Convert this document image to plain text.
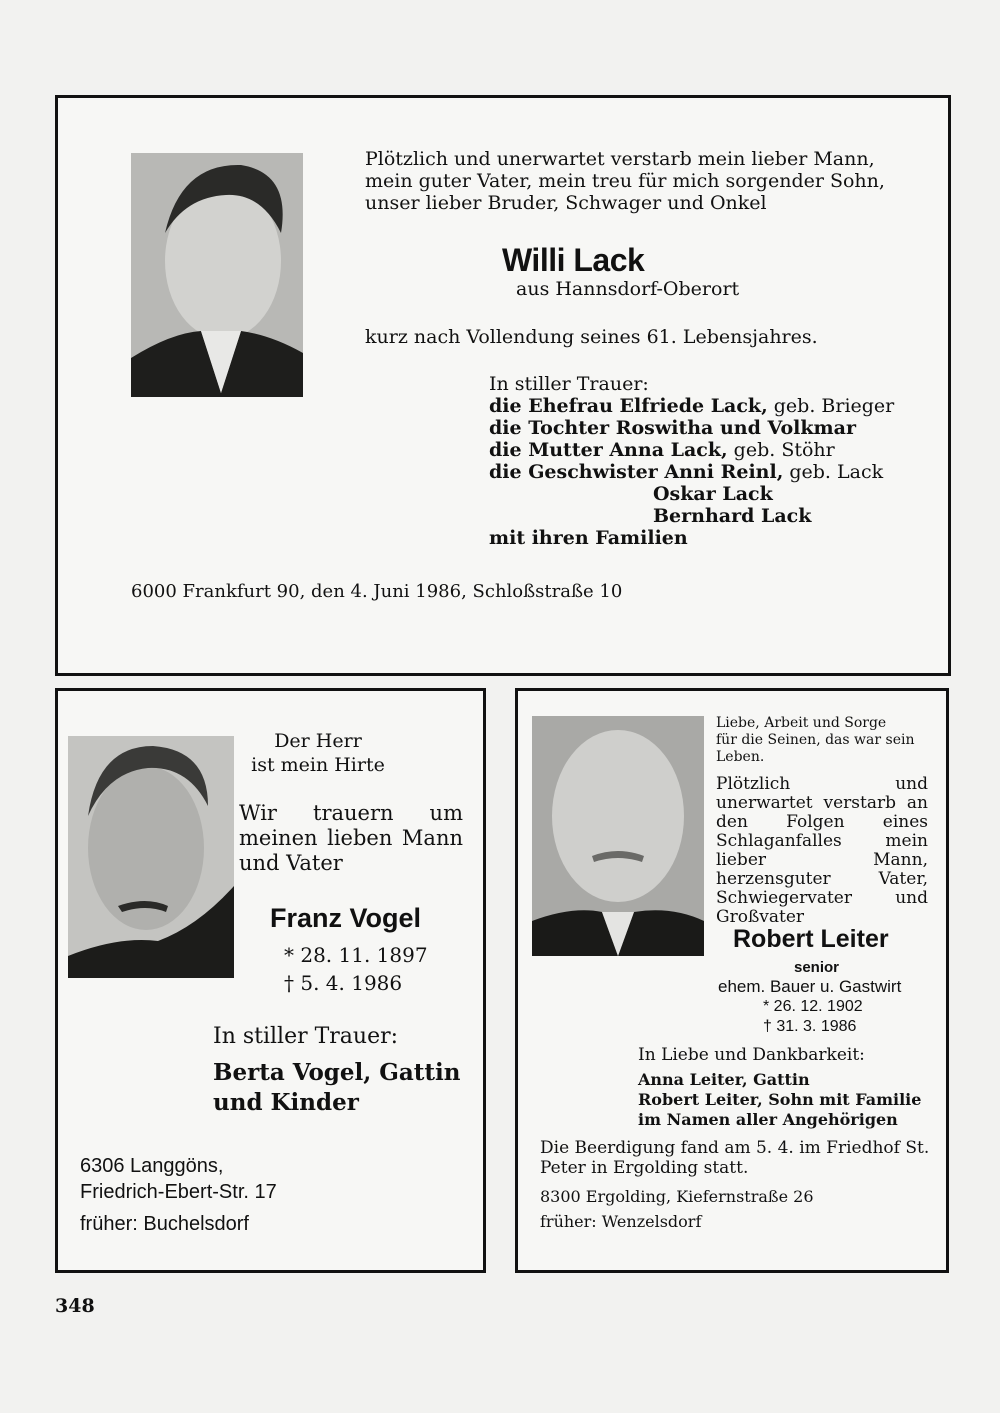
Plötzlich und unerwartet verstarb mein lieber Mann,
mein guter Vater, mein treu für mich sorgender Sohn,
unser lieber Bruder, Schwager und Onkel
Willi Lack
aus Hannsdorf-Oberort
kurz nach Vollendung seines 61. Lebensjahres.
In stiller Trauer:
die Ehefrau Elfriede Lack, geb. Brieger
die Tochter Roswitha und Volkmar
die Mutter Anna Lack, geb. Stöhr
die Geschwister Anni Reinl, geb. Lack
Oskar Lack
Bernhard Lack
mit ihren Familien
6000 Frankfurt 90, den 4. Juni 1986, Schloßstraße 10
Der Herr
ist mein Hirte
Wir trauern um meinen lieben Mann und Vater
Franz Vogel
* 28. 11. 1897
† 5. 4. 1986
In stiller Trauer:
Berta Vogel, Gattin
und Kinder
6306 Langgöns,
Friedrich-Ebert-Str. 17
früher: Buchelsdorf
Liebe, Arbeit und Sorge
für die Seinen, das war sein
Leben.
Plötzlich und unerwartet verstarb an den Folgen eines Schlaganfalles mein lieber Mann, herzensguter Vater, Schwiegervater und Großvater
Robert Leiter
senior
ehem. Bauer u. Gastwirt
* 26. 12. 1902
† 31. 3. 1986
In Liebe und Dankbarkeit:
Anna Leiter, Gattin
Robert Leiter, Sohn mit Familie
im Namen aller Angehörigen
Die Beerdigung fand am 5. 4. im Friedhof St. Peter in Ergolding statt.
8300 Ergolding, Kiefernstraße 26
früher: Wenzelsdorf
348
